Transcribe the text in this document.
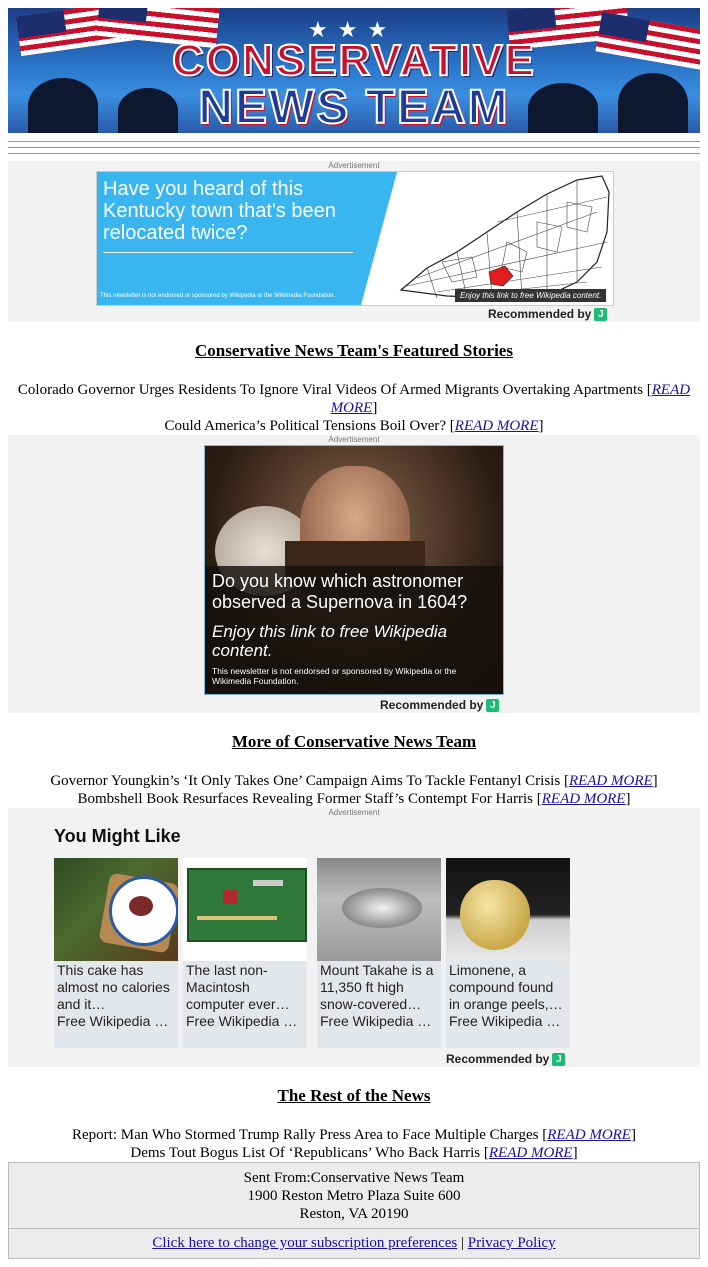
★★★
CONSERVATIVE
NEWS TEAM
Advertisement
Have you heard of this Kentucky town that's been relocated twice?
This newsletter is not endorsed or sponsored by Wikipedia or the Wikimedia Foundation.	Enjoy this link to free Wikipedia content.
Recommended by J
Conservative News Team's Featured Stories
Colorado Governor Urges Residents To Ignore Viral Videos Of Armed Migrants Overtaking Apartments [READ MORE]
Could America’s Political Tensions Boil Over? [READ MORE]
Advertisement
Do you know which astronomer observed a Supernova in 1604?
Enjoy this link to free Wikipedia content.
This newsletter is not endorsed or sponsored by Wikipedia or the Wikimedia Foundation.
Recommended by J
More of Conservative News Team
Governor Youngkin’s ‘It Only Takes One’ Campaign Aims To Tackle Fentanyl Crisis [READ MORE]
Bombshell Book Resurfaces Revealing Former Staff’s Contempt For Harris [READ MORE]
Advertisement
You Might Like
This cake has almost no calories and it…
Free Wikipedia c…
The last non-Macintosh computer ever…
Free Wikipedia c…
Mount Takahe is a 11,350 ft high snow-covered…
Free Wikipedia c…
Limonene, a compound found in orange peels,…
Free Wikipedia c…
Recommended by J
The Rest of the News
Report: Man Who Stormed Trump Rally Press Area to Face Multiple Charges [READ MORE]
Dems Tout Bogus List Of ‘Republicans’ Who Back Harris [READ MORE]
Sent From:Conservative News Team
1900 Reston Metro Plaza Suite 600
Reston, VA 20190
Click here to change your subscription preferences | Privacy Policy
